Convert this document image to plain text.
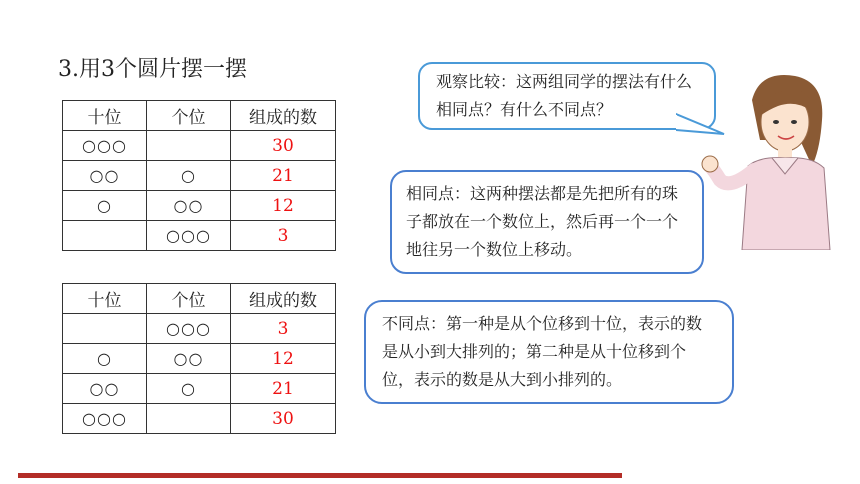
3.用3个圆片摆一摆
十位	个位	组成的数
○○○		30
○○	○	21
○	○○	12
	○○○	3
十位	个位	组成的数
	○○○	3
○	○○	12
○○	○	21
○○○		30
观察比较：这两组同学的摆法有什么相同点？有什么不同点？
相同点：这两种摆法都是先把所有的珠子都放在一个数位上，然后再一个一个地往另一个数位上移动。
不同点：第一种是从个位移到十位，表示的数是从小到大排列的；第二种是从十位移到个位，表示的数是从大到小排列的。
